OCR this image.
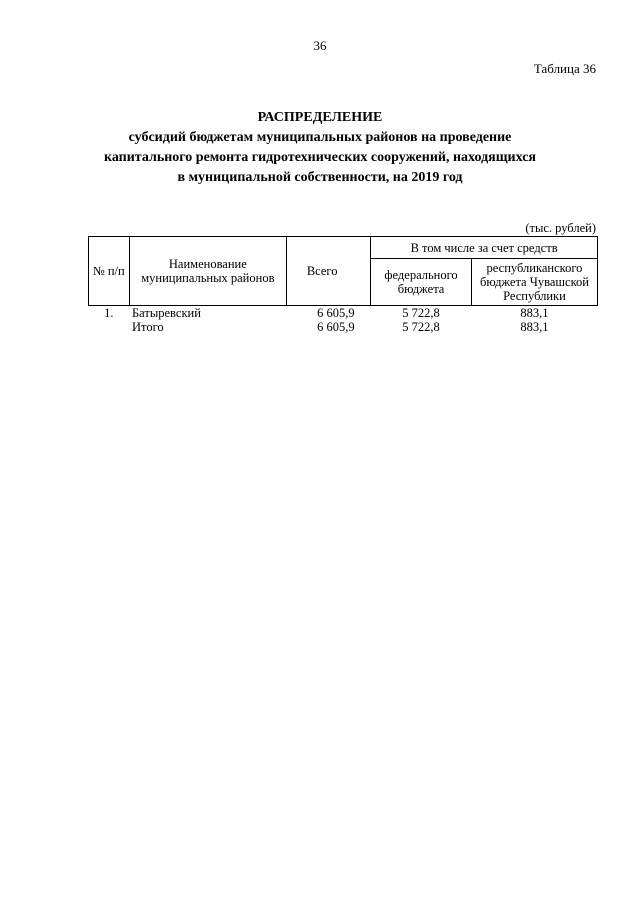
36
Таблица 36
РАСПРЕДЕЛЕНИЕ
субсидий бюджетам муниципальных районов на проведение
капитального ремонта гидротехнических сооружений, находящихся
в муниципальной собственности, на 2019 год
(тыс. рублей)
№ п/п	Наименование муниципальных районов	Всего	В том числе за счет средств	
			федерального бюджета	республиканского бюджета Чувашской Республики
1.	Батыревский	6 605,9	5 722,8	883,1
	Итого	6 605,9	5 722,8	883,1
